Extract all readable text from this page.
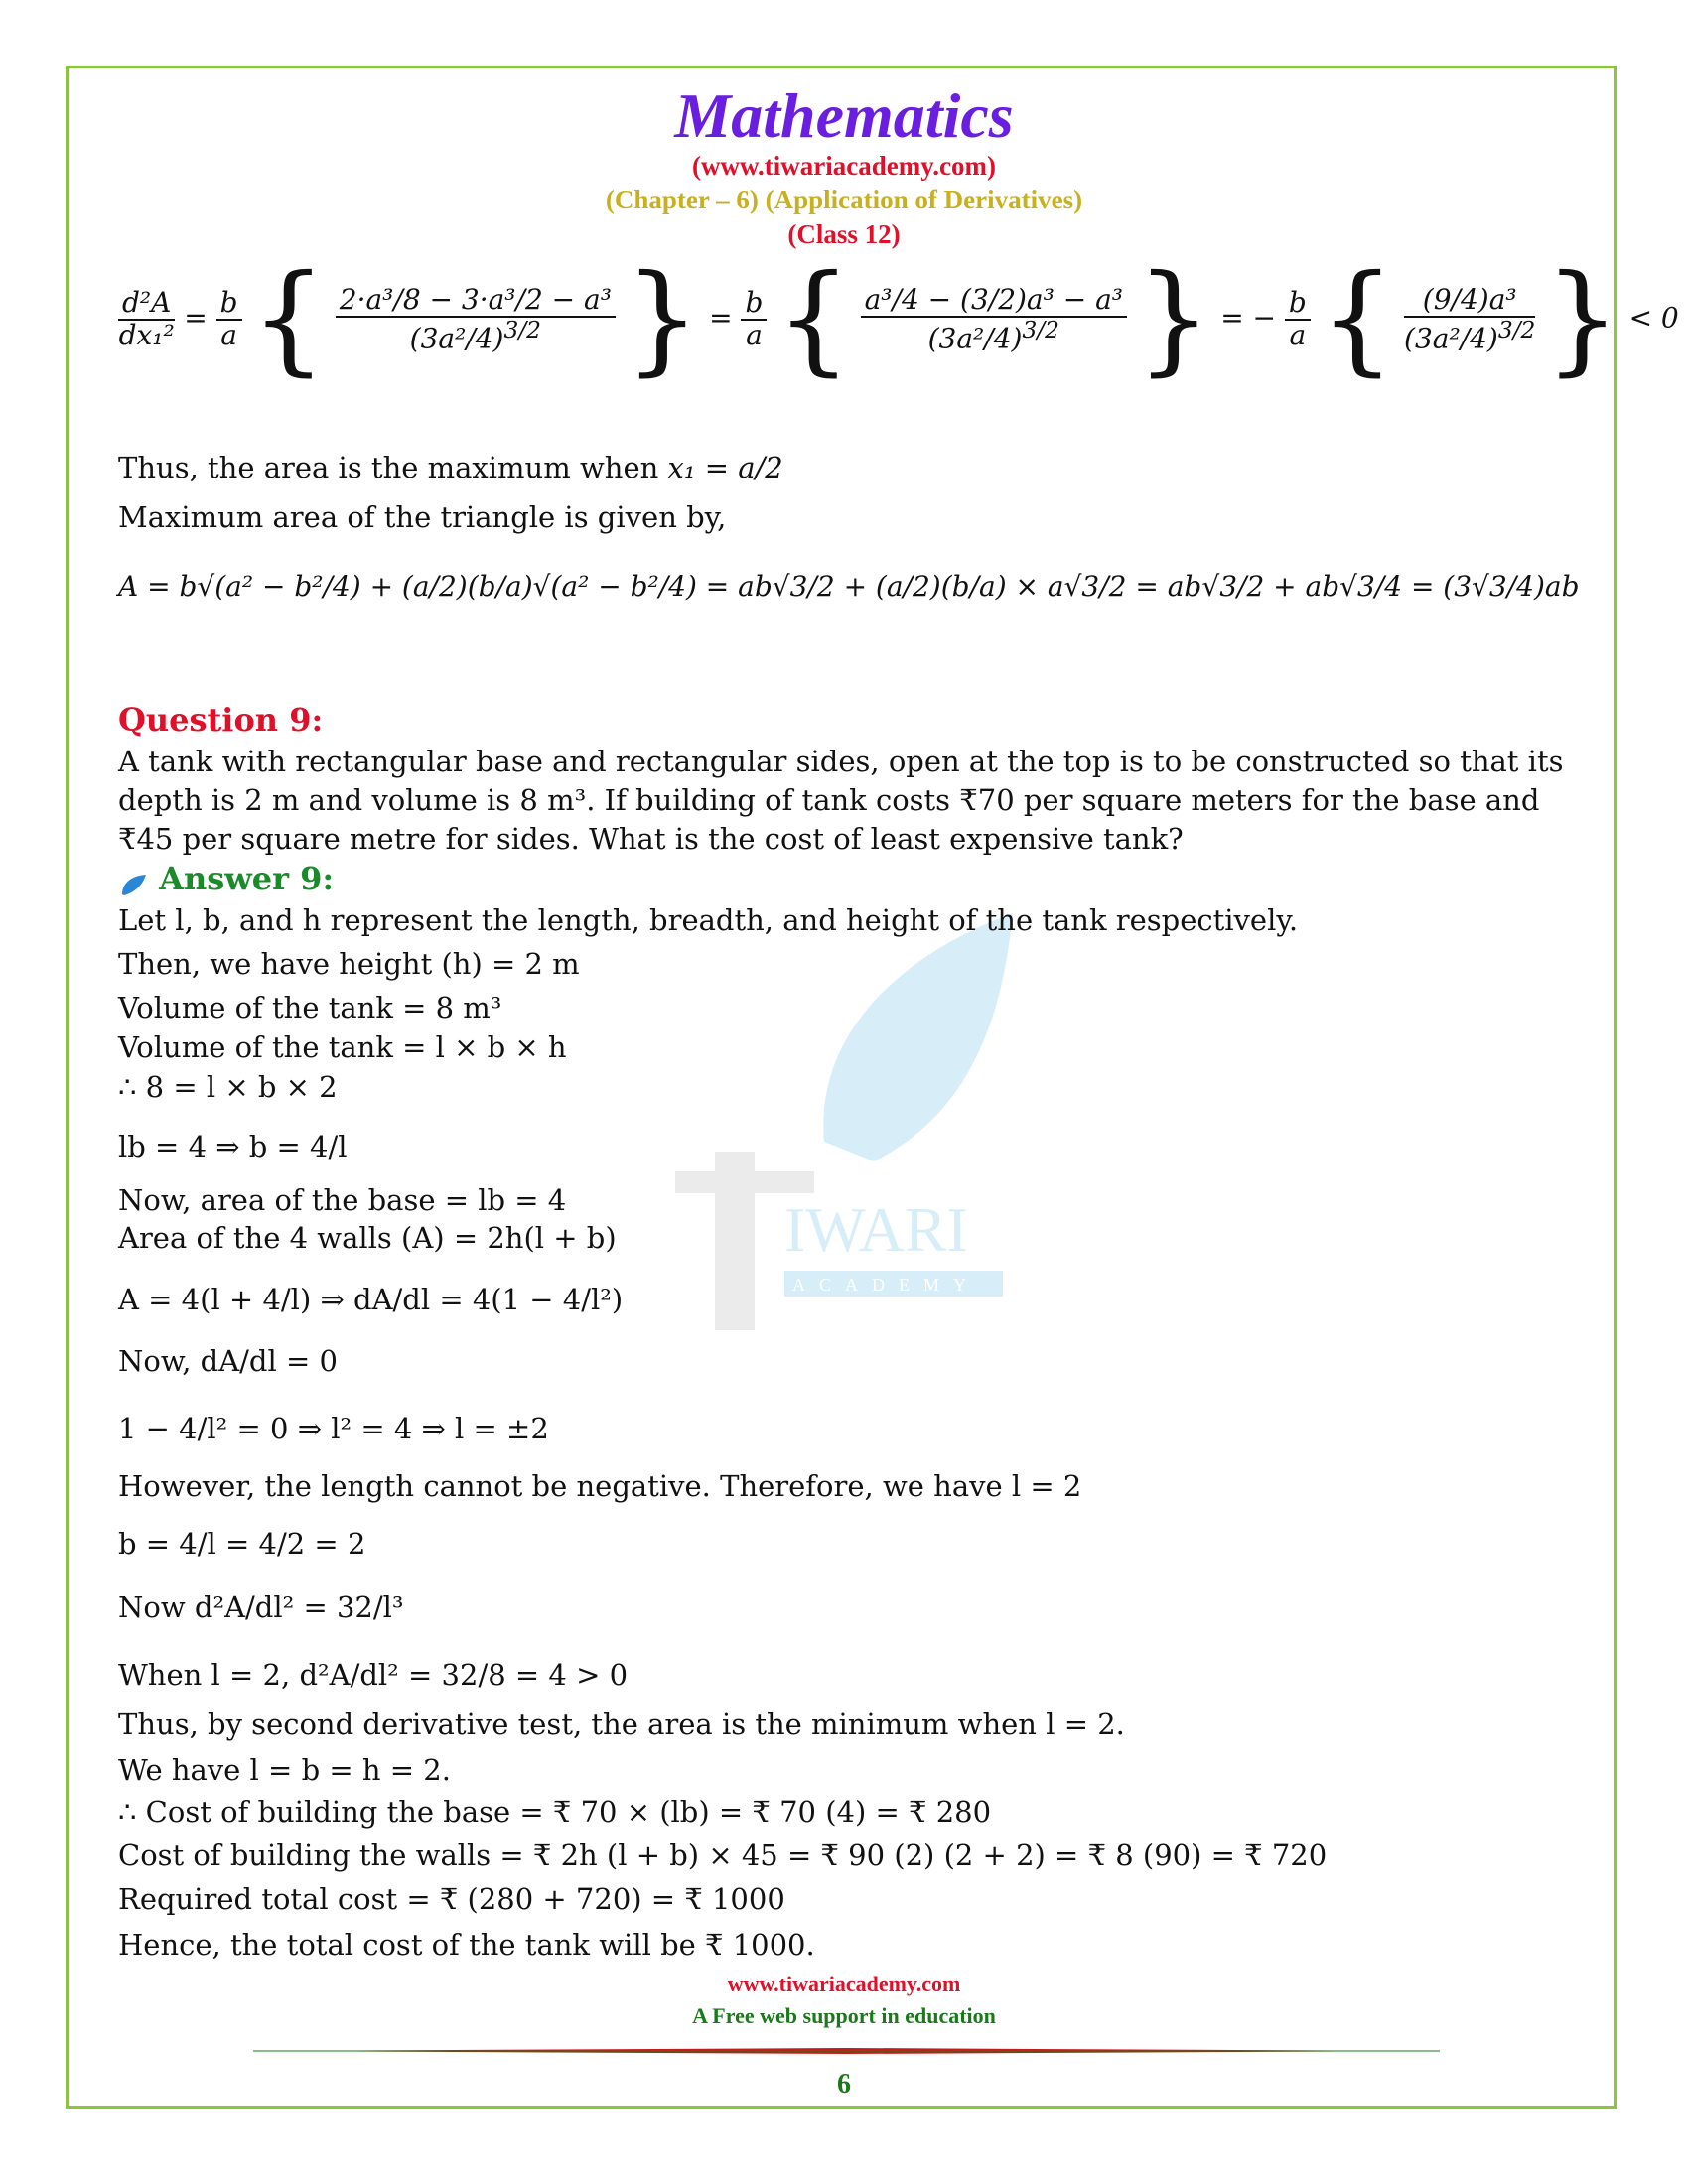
IWARI
ACADEMY
Mathematics
(www.tiwariacademy.com)
(Chapter – 6) (Application of Derivatives)
(Class 12)
$\frac{\text{d²A}}{\text{dx₁²}} = \frac{b}{a}$ { $\frac{\text{2·a³/8 − 3·a³/2 − a³}}{(3a^2/4)^{3/2}}$ } = $\frac{b}{a}$ { $\frac{\text{a³/4 − (3/2)a³ − a³}}{(3a^2/4)^{3/2}}$ } = − $\frac{b}{a}$ { $\frac{\text{(9/4)a³}}{(3a^2/4)^{3/2}}$ } < 0
Thus, the area is the maximum when x₁ = a/2
Maximum area of the triangle is given by,
A = b√(a² − b²/4) + (a/2)(b/a)√(a² − b²/4) = ab√3/2 + (a/2)(b/a) × a√3/2 = ab√3/2 + ab√3/4 = (3√3/4)ab
Question 9:
A tank with rectangular base and rectangular sides, open at the top is to be constructed so that its depth is 2 m and volume is 8 m³. If building of tank costs ₹70 per square meters for the base and ₹45 per square metre for sides. What is the cost of least expensive tank?
Answer 9:
Let l, b, and h represent the length, breadth, and height of the tank respectively.
Then, we have height (h) = 2 m
Volume of the tank = 8 m³
Volume of the tank = l × b × h
∴ 8 = l × b × 2
lb = 4 ⇒ b = 4/l
Now, area of the base = lb = 4
Area of the 4 walls (A) = 2h(l + b)
A = 4(l + 4/l) ⇒ dA/dl = 4(1 − 4/l²)
Now, dA/dl = 0
1 − 4/l² = 0 ⇒ l² = 4 ⇒ l = ±2
However, the length cannot be negative. Therefore, we have l = 2
b = 4/l = 4/2 = 2
Now d²A/dl² = 32/l³
When l = 2, d²A/dl² = 32/8 = 4 > 0
Thus, by second derivative test, the area is the minimum when l = 2.
We have l = b = h = 2.
∴ Cost of building the base = ₹ 70 × (lb) = ₹ 70 (4) = ₹ 280
Cost of building the walls = ₹ 2h (l + b) × 45 = ₹ 90 (2) (2 + 2) = ₹ 8 (90) = ₹ 720
Required total cost = ₹ (280 + 720) = ₹ 1000
Hence, the total cost of the tank will be ₹ 1000.
www.tiwariacademy.com
A Free web support in education
6
